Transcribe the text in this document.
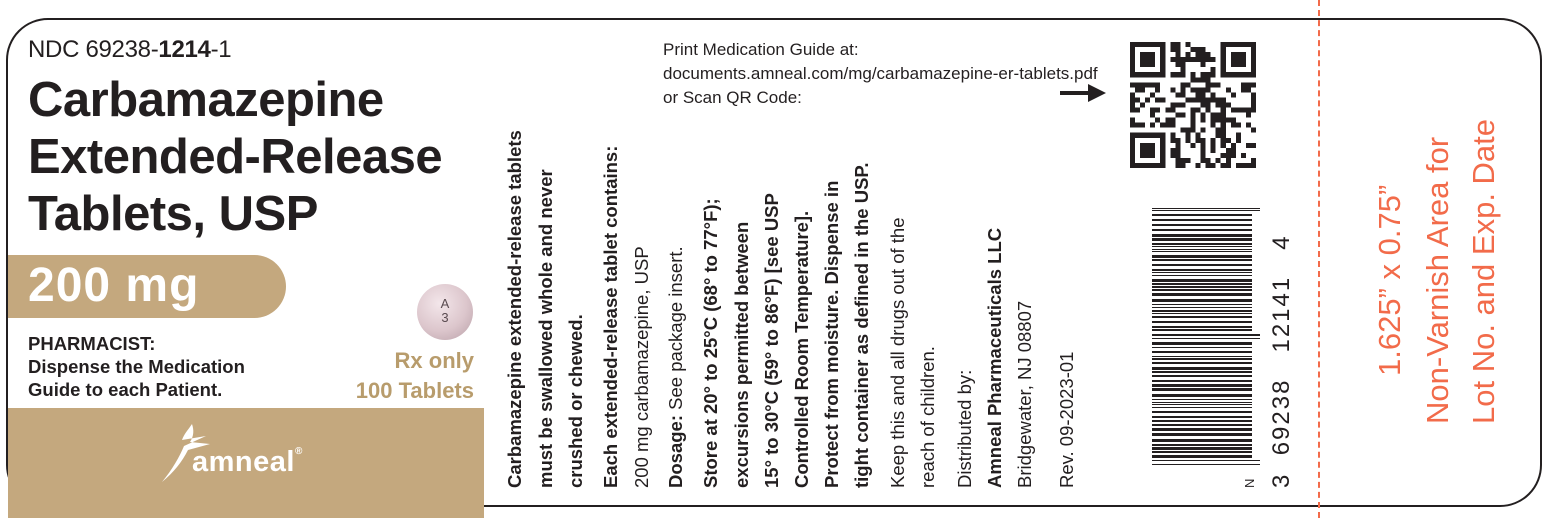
NDC 69238-1214-1
Carbamazepine
Extended-Release
Tablets, USP
200 mg	A
3
PHARMACIST:
Dispense the Medication
Guide to each Patient.
Rx only
100 Tablets
amneal®	Carbamazepine extended-release tablets must be swallowed whole and never crushed or chewed. Each extended-release tablet contains: 200 mg carbamazepine, USP Dosage: See package insert. Store at 20° to 25°C (68° to 77°F); excursions permitted between 15° to 30°C (59° to 86°F) [see USP Controlled Room Temperature]. Protect from moisture. Dispense in tight container as defined in the USP. Keep this and all drugs out of the reach of children. Distributed by: Amneal Pharmaceuticals LLC Bridgewater, NJ 08807 Rev. 09-2023-01
Print Medication Guide at:
documents.amneal.com/mg/carbamazepine-er-tablets.pdf
or Scan QR Code:
3  69238   12141   4
N
1.625” x 0.75” Non-Varnish Area for Lot No. and Exp. Date
